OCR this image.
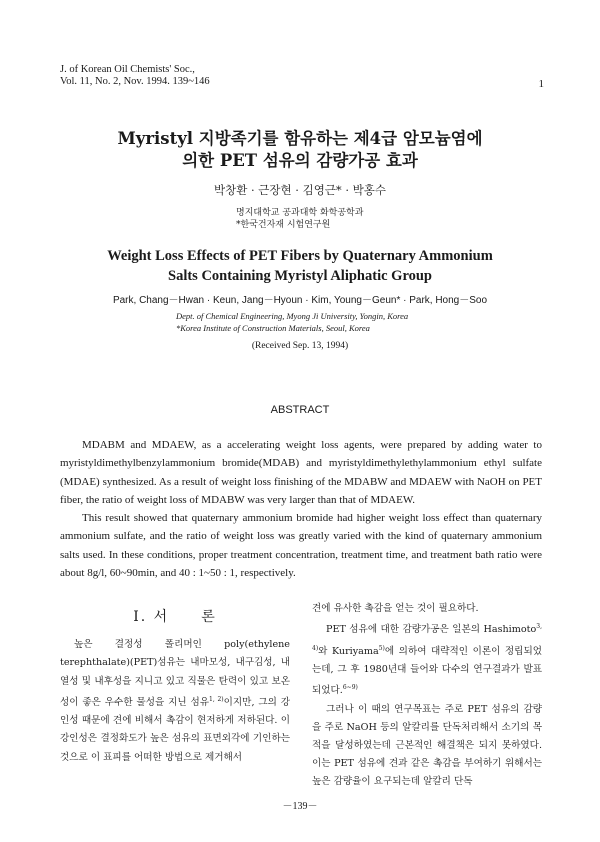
J. of Korean Oil Chemists' Soc.,
Vol. 11, No. 2, Nov. 1994. 139~146	1
Myristyl 지방족기를 함유하는 제4급 암모늄염에
의한 PET 섬유의 감량가공 효과
박창환 · 근장현 · 김영근* · 박홍수
명지대학교 공과대학 화학공학과
*한국건자재 시험연구원
Weight Loss Effects of PET Fibers by Quaternary Ammonium
Salts Containing Myristyl Aliphatic Group
Park, Chang－Hwan · Keun, Jang－Hyoun · Kim, Young－Geun* · Park, Hong－Soo
Dept. of Chemical Engineering, Myong Ji University, Yongin, Korea
*Korea Institute of Construction Materials, Seoul, Korea
(Received Sep. 13, 1994)
ABSTRACT

MDABM and MDAEW, as a accelerating weight loss agents, were prepared by adding water to myristyldimethylbenzylammonium bromide(MDAB) and myristyldimethylethylammonium ethyl sulfate (MDAE) synthesized. As a result of weight loss finishing of the MDABW and MDAEW with NaOH on PET fiber, the ratio of weight loss of MDABW was very larger than that of MDAEW.

This result showed that quaternary ammonium bromide had higher weight loss effect than quaternary ammonium sulfate, and the ratio of weight loss was greatly varied with the kind of quaternary ammonium salts used. In these conditions, proper treatment concentration, treatment time, and treatment bath ratio were about 8g/l, 60~90min, and 40 : 1~50 : 1, respectively.

Ⅰ. 서　　론

높은 결정성 폴리머인 poly(ethylene terephthalate)(PET)섬유는 내마모성, 내구김성, 내열성 및 내후성을 지니고 있고 직물은 탄력이 있고 보온성이 좋은 우수한 물성을 지닌 섬유$^{1, 2)}$이지만, 그의 강인성 때문에 견에 비해서 촉감이 현저하게 저하된다. 이 강인성은 결정화도가 높은 섬유의 표면외각에 기인하는 것으로 이 표피를 어떠한 방법으로 제거해서

견에 유사한 촉감을 얻는 것이 필요하다.

PET 섬유에 대한 감량가공은 일본의 Hashimoto$^{3, 4)}$와 Kuriyama$^{5)}$에 의하여 대략적인 이론이 정립되었는데, 그 후 1980년대 들어와 다수의 연구결과가 발표되었다.$^{6\sim 9)}$

그러나 이 때의 연구목표는 주로 PET 섬유의 감량을 주로 NaOH 등의 알칼리를 단독처리해서 소기의 목적을 달성하였는데 근본적인 해결책은 되지 못하였다. 이는 PET 섬유에 견과 같은 촉감을 부여하기 위해서는 높은 감량율이 요구되는데 알칼리 단독

－139－
